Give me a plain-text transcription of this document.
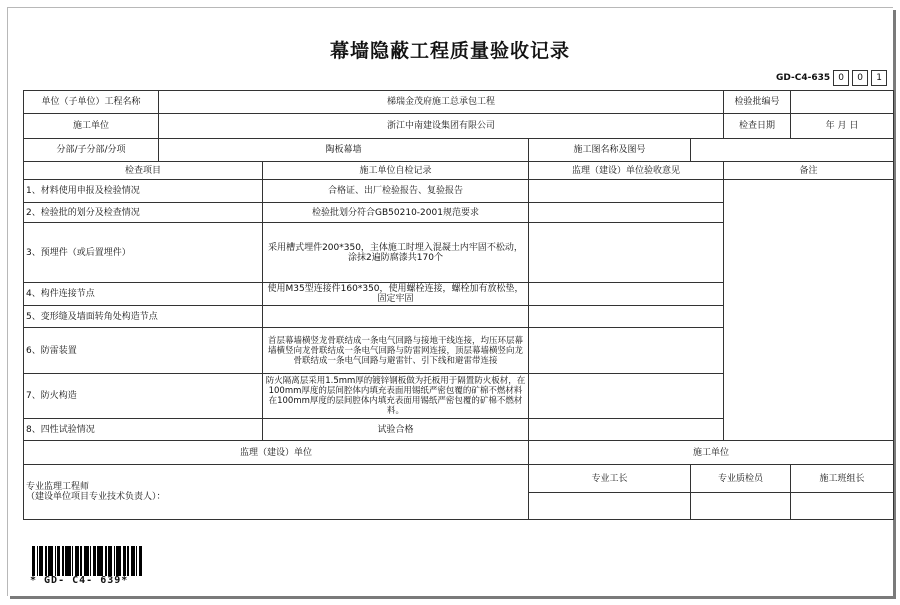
幕墙隐蔽工程质量验收记录
GD-C4-635 0	0	1
单位（子单位）工程名称	梯瑞金茂府施工总承包工程				检验批编号	
施工单位	浙江中南建设集团有限公司				检查日期	年 月 日
分部/子分部/分项	陶板幕墙		施工图名称及图号			
检查项目		施工单位自检记录	监理（建设）单位验收意见		备注	
1、材料使用申报及检验情况		合格证、出厂检验报告、复验报告				
2、检验批的划分及检查情况		检验批划分符合GB50210-2001规范要求				
3、预埋件（或后置埋件）		采用槽式埋件200*350，主体施工时埋入混凝土内牢固不松动，涂抹2遍防腐漆共170个				
4、构件连接节点		使用M35型连接件160*350，使用螺栓连接，螺栓加有放松垫，固定牢固				
5、变形缝及墙面转角处构造节点						
6、防雷装置		首层幕墙横竖龙骨联结成一条电气回路与接地干线连接，均压环层幕墙横竖向龙骨联结成一条电气回路与防雷网连接，顶层幕墙横竖向龙骨联结成一条电气回路与避雷针、引下线和避雷带连接				
7、防火构造		防火隔离层采用1.5mm厚的镀锌钢板做为托板用于隔置防火板材，在100mm厚度的层间腔体内填充表面用锡纸严密包覆的矿棉不燃材料在100mm厚度的层间腔体内填充表面用锡纸严密包覆的矿棉不燃材料。				
8、四性试验情况		试验合格				
监理（建设）单位			施工单位			
专业监理工程师
（建设单位项目专业技术负责人）：			专业工长	专业质检员		施工班组长

* GD- C4- 639*
